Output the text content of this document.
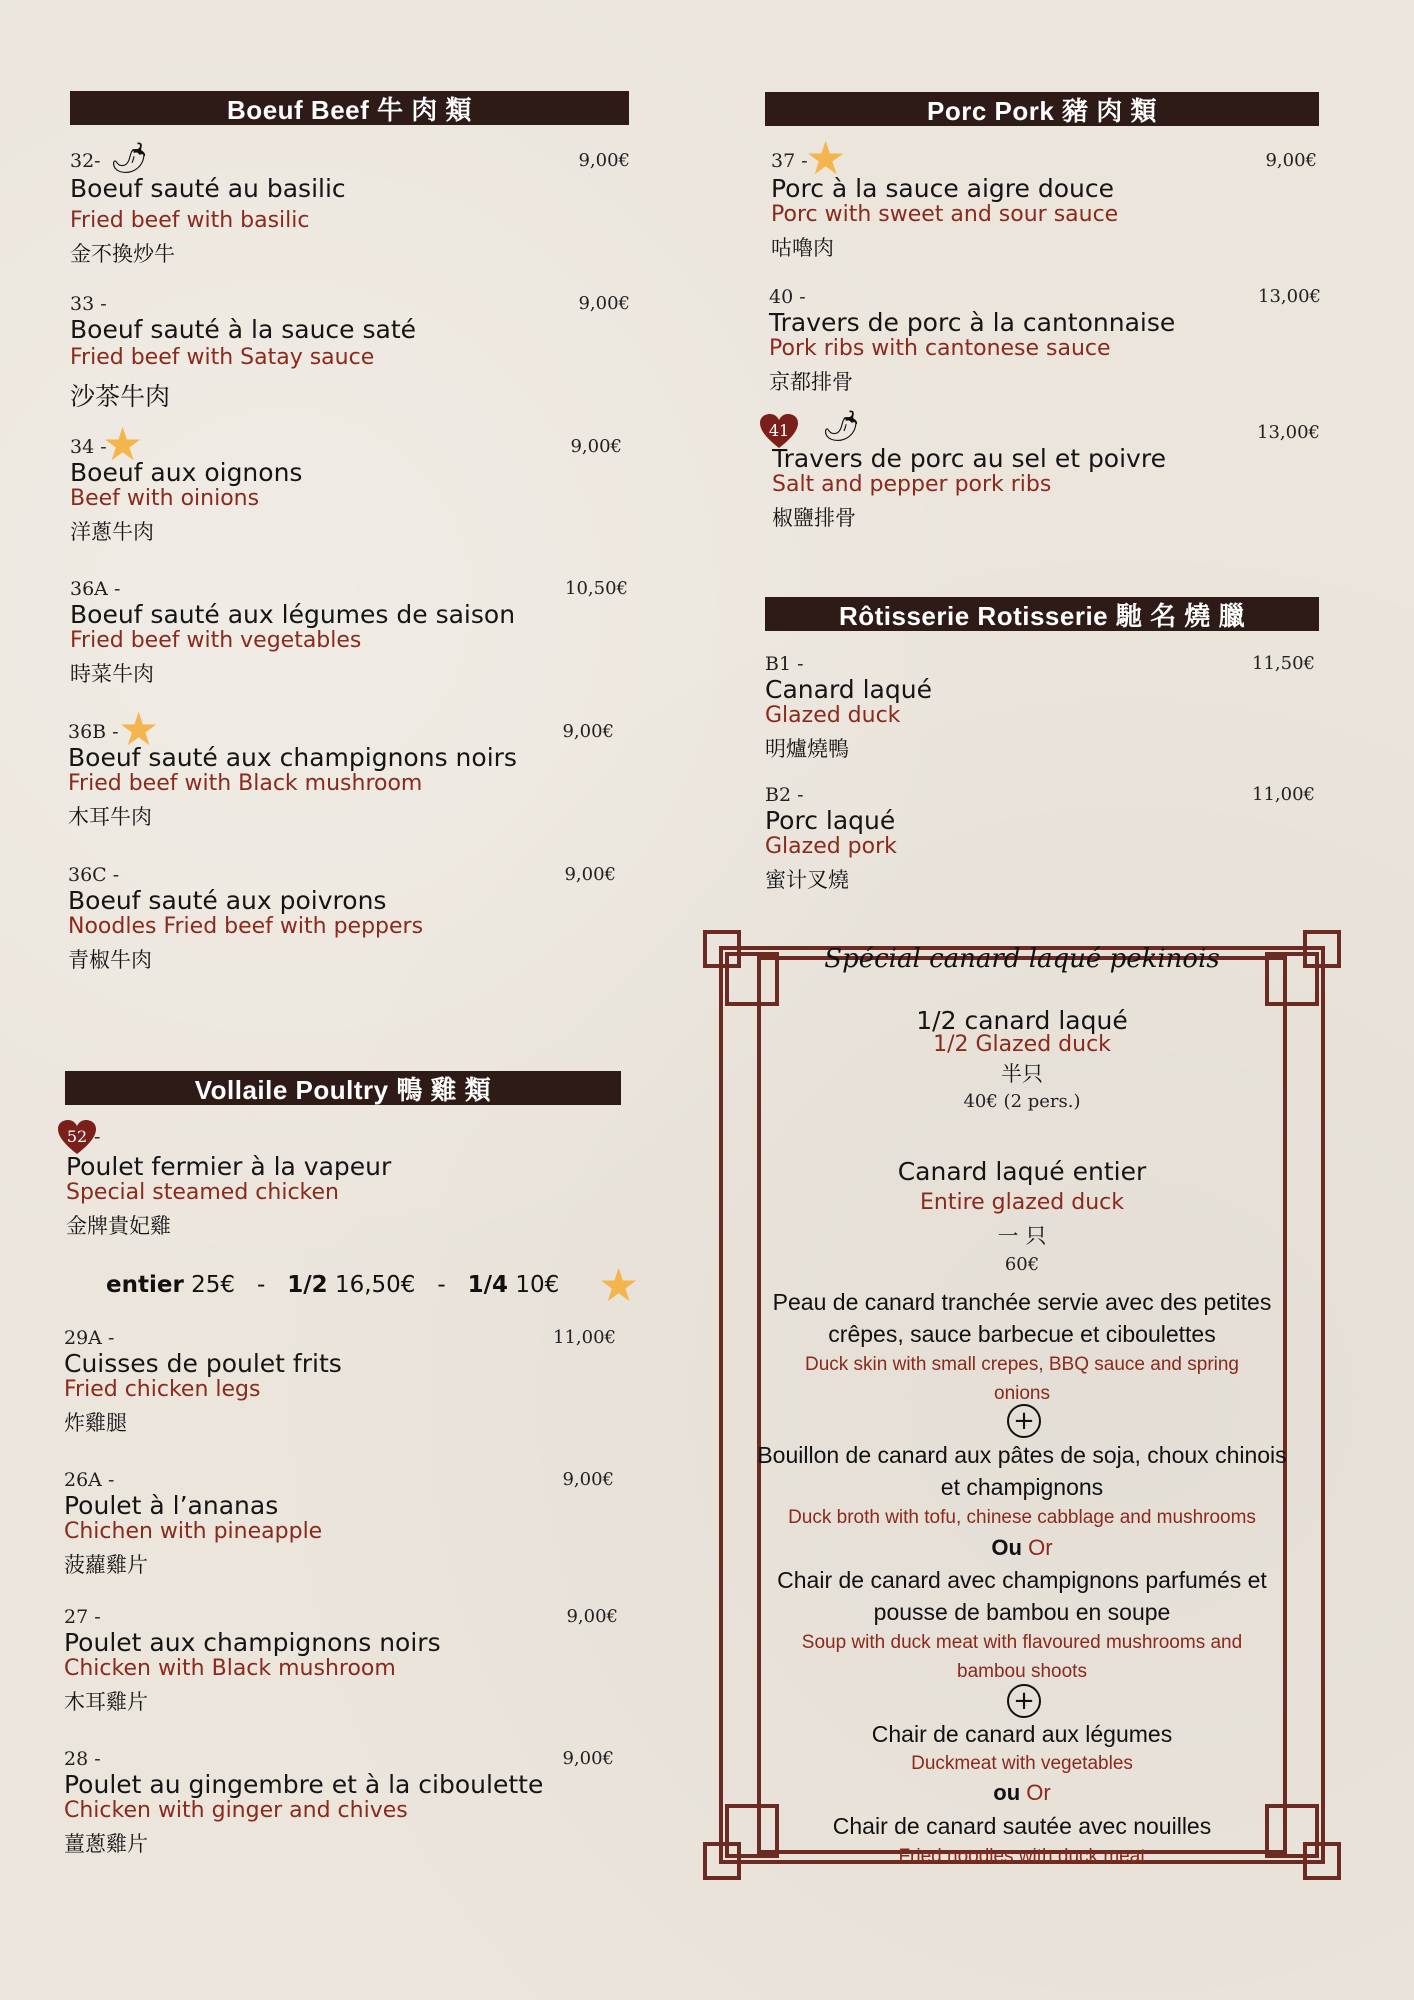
Boeuf Beef 牛 肉 類
32- 🌶	9,00€
Boeuf sauté au basilic
Fried beef with basilic
金不換炒牛
33 -	9,00€
Boeuf sauté à la sauce saté
Fried beef with Satay sauce
沙茶牛肉
34 -
★	9,00€
Boeuf aux oignons
Beef with oinions
洋蔥牛肉
36A -	10,50€
Boeuf sauté aux légumes de saison
Fried beef with vegetables
時菜牛肉
36B - ★	9,00€
Boeuf sauté aux champignons noirs
Fried beef with Black mushroom
木耳牛肉
36C -	9,00€
Boeuf sauté aux poivrons
Noodles Fried beef with peppers
青椒牛肉
Porc Pork 豬 肉 類
37 -
★	9,00€
Porc à la sauce aigre douce
Porc with sweet and sour sauce
咕嚕肉
40 -	13,00€
Travers de porc à la cantonnaise
Pork ribs with cantonese sauce
京都排骨
41 🌶	13,00€
Travers de porc au sel et poivre
Salt and pepper pork ribs
椒鹽排骨
Rôtisserie Rotisserie 馳 名 燒 臘
B1 -	11,50€
Canard laqué
Glazed duck
明爐燒鴨
B2 -	11,00€
Porc laqué
Glazed pork
蜜计叉燒
Vollaile Poultry 鴨 雞 類
52 -
Poulet fermier à la vapeur
Special steamed chicken
金牌貴妃雞
entier 25€ - 1/2 16,50€ - 1/4 10€ ★
29A -	11,00€
Cuisses de poulet frits
Fried chicken legs
炸雞腿
26A -	9,00€
Poulet à l’ananas
Chichen with pineapple
菠蘿雞片
27 -	9,00€
Poulet aux champignons noirs
Chicken with Black mushroom
木耳雞片
28 -	9,00€
Poulet au gingembre et à la ciboulette
Chicken with ginger and chives
薑蔥雞片
Spécial canard laqué pekinois
1/2 canard laqué
1/2 Glazed duck
半只
40€ (2 pers.)
Canard laqué entier
Entire glazed duck
一 只
60€
Peau de canard tranchée servie avec des petites
crêpes, sauce barbecue et ciboulettes
Duck skin with small crepes, BBQ sauce and spring
onions
+
Bouillon de canard aux pâtes de soja, choux chinois
et champignons
Duck broth with tofu, chinese cabblage and mushrooms
Ou Or
Chair de canard avec champignons parfumés et
pousse de bambou en soupe
Soup with duck meat with flavoured mushrooms and
bambou shoots
+
Chair de canard aux légumes
Duckmeat with vegetables
ou Or
Chair de canard sautée avec nouilles
Fried noodles with duck meat
